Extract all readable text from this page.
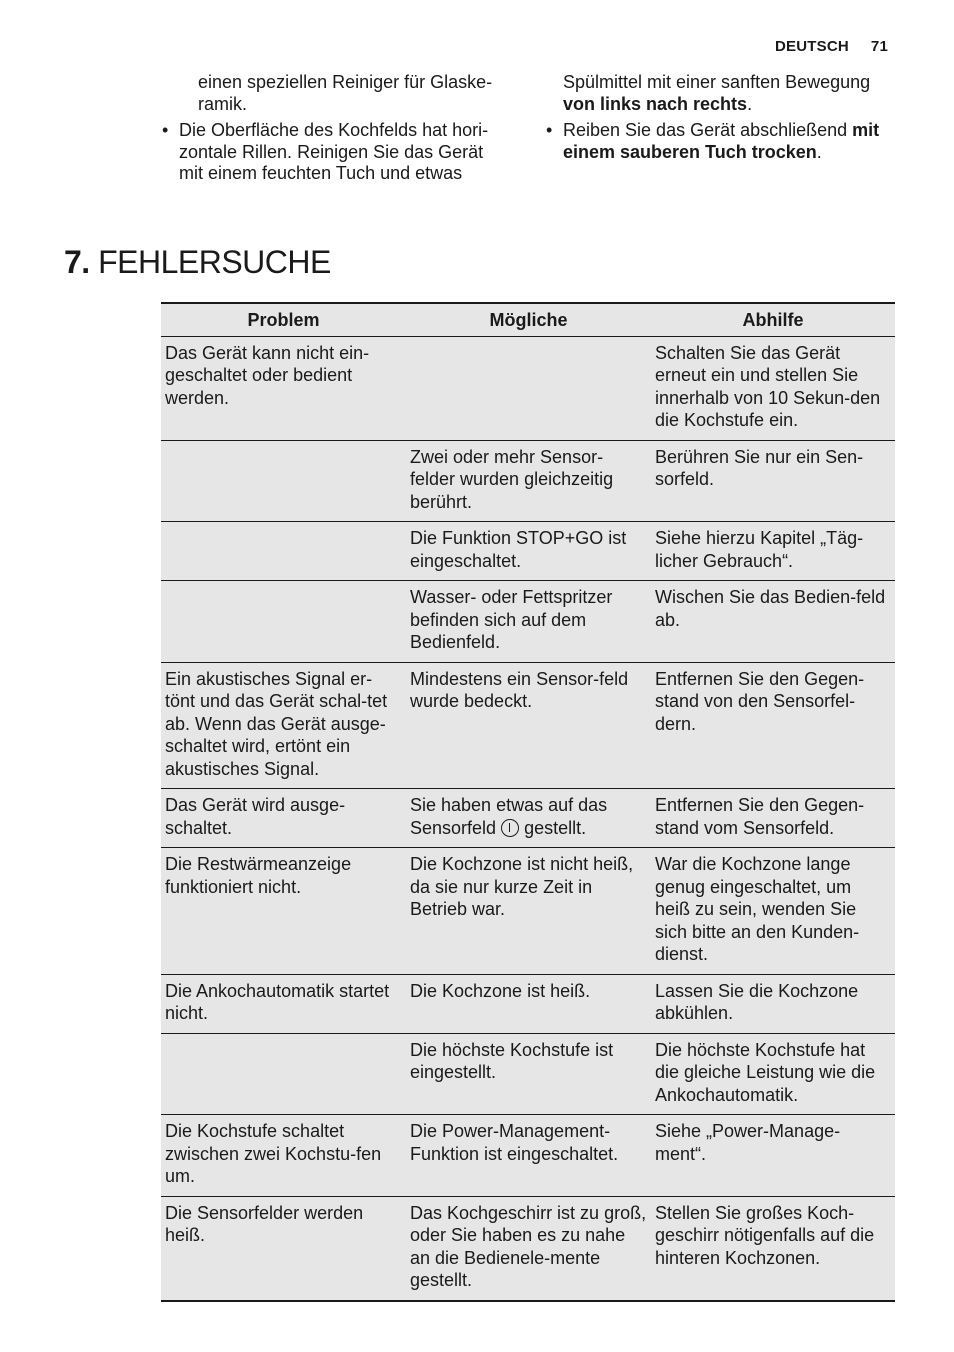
DEUTSCH 71

einen speziellen Reiniger für Glaske-ramik.

• Die Oberfläche des Kochfelds hat hori-zontale Rillen. Reinigen Sie das Gerät mit einem feuchten Tuch und etwas

Spülmittel mit einer sanften Bewegung von links nach rechts.

• Reiben Sie das Gerät abschließend mit einem sauberen Tuch trocken.

7. FEHLERSUCHE
Problem	Mögliche	Abhilfe
Das Gerät kann nicht ein-geschaltet oder bedient werden.		Schalten Sie das Gerät erneut ein und stellen Sie innerhalb von 10 Sekun-den die Kochstufe ein.
	Zwei oder mehr Sensor-felder wurden gleichzeitig berührt.	Berühren Sie nur ein Sen-sorfeld.
	Die Funktion STOP+GO ist eingeschaltet.	Siehe hierzu Kapitel „Täg-licher Gebrauch“.
	Wasser- oder Fettspritzer befinden sich auf dem Bedienfeld.	Wischen Sie das Bedien-feld ab.
Ein akustisches Signal er-tönt und das Gerät schal-tet ab. Wenn das Gerät ausge-schaltet wird, ertönt ein akustisches Signal.	Mindestens ein Sensor-feld wurde bedeckt.	Entfernen Sie den Gegen-stand von den Sensorfel-dern.
Das Gerät wird ausge-schaltet.	Sie haben etwas auf das Sensorfeld gestellt.	Entfernen Sie den Gegen-stand vom Sensorfeld.
Die Restwärmeanzeige funktioniert nicht.	Die Kochzone ist nicht heiß, da sie nur kurze Zeit in Betrieb war.	War die Kochzone lange genug eingeschaltet, um heiß zu sein, wenden Sie sich bitte an den Kunden-dienst.
Die Ankochautomatik startet nicht.	Die Kochzone ist heiß.	Lassen Sie die Kochzone abkühlen.
	Die höchste Kochstufe ist eingestellt.	Die höchste Kochstufe hat die gleiche Leistung wie die Ankochautomatik.
Die Kochstufe schaltet zwischen zwei Kochstu-fen um.	Die Power-Management-Funktion ist eingeschaltet.	Siehe „Power-Manage-ment“.
Die Sensorfelder werden heiß.	Das Kochgeschirr ist zu groß, oder Sie haben es zu nahe an die Bedienele-mente gestellt.	Stellen Sie großes Koch-geschirr nötigenfalls auf die hinteren Kochzonen.
